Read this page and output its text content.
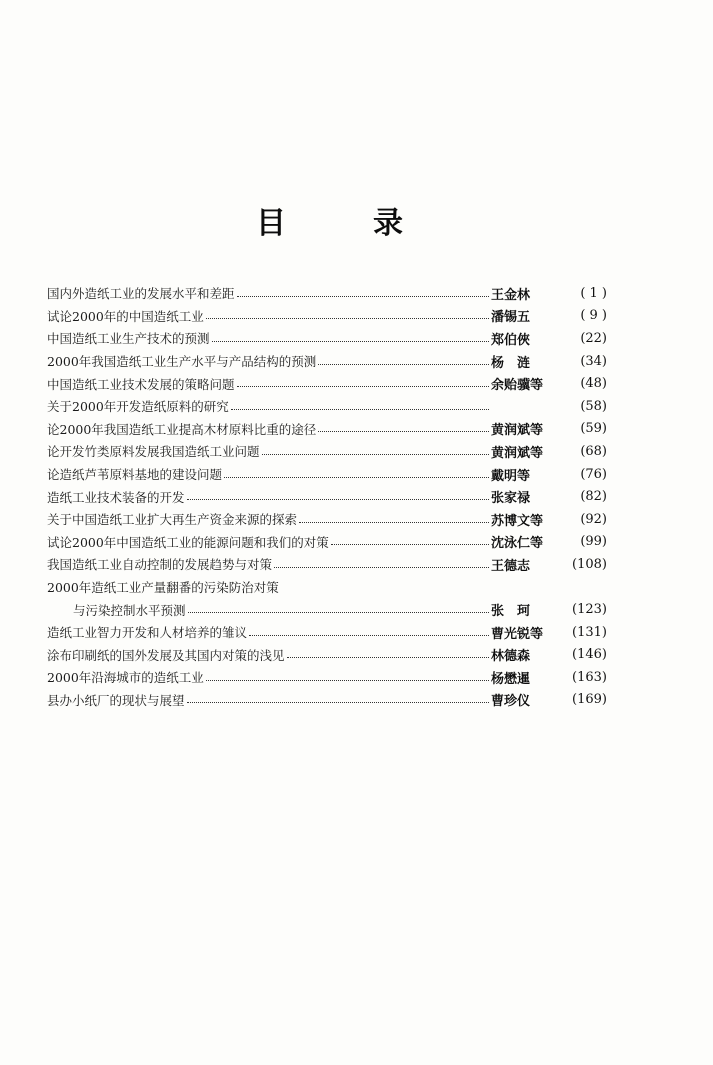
目	录
国内外造纸工业的发展水平和差距	王金林	( 1 )
试论2000年的中国造纸工业	潘锡五	( 9 )
中国造纸工业生产技术的预测	郑伯俠	(22)
2000年我国造纸工业生产水平与产品结构的预测	杨　涟	(34)
中国造纸工业技术发展的策略问题	余贻骥等	(48)
关于2000年开发造纸原料的研究	(58)
论2000年我国造纸工业提高木材原料比重的途径	黄润斌等	(59)
论开发竹类原料发展我国造纸工业问题	黄润斌等	(68)
论造纸芦苇原料基地的建设问题	戴明等	(76)
造纸工业技术装备的开发	张家禄	(82)
关于中国造纸工业扩大再生产资金来源的探索	苏博文等	(92)
试论2000年中国造纸工业的能源问题和我们的对策	沈泳仁等	(99)
我国造纸工业自动控制的发展趋势与对策	王德志	(108)
2000年造纸工业产量翻番的污染防治对策
与污染控制水平预测	张　珂	(123)
造纸工业智力开发和人材培养的雏议	曹光锐等	(131)
涂布印刷纸的国外发展及其国内对策的浅见	林德森	(146)
2000年沿海城市的造纸工业	杨懋暹	(163)
县办小纸厂的现状与展望	曹珍仪	(169)
